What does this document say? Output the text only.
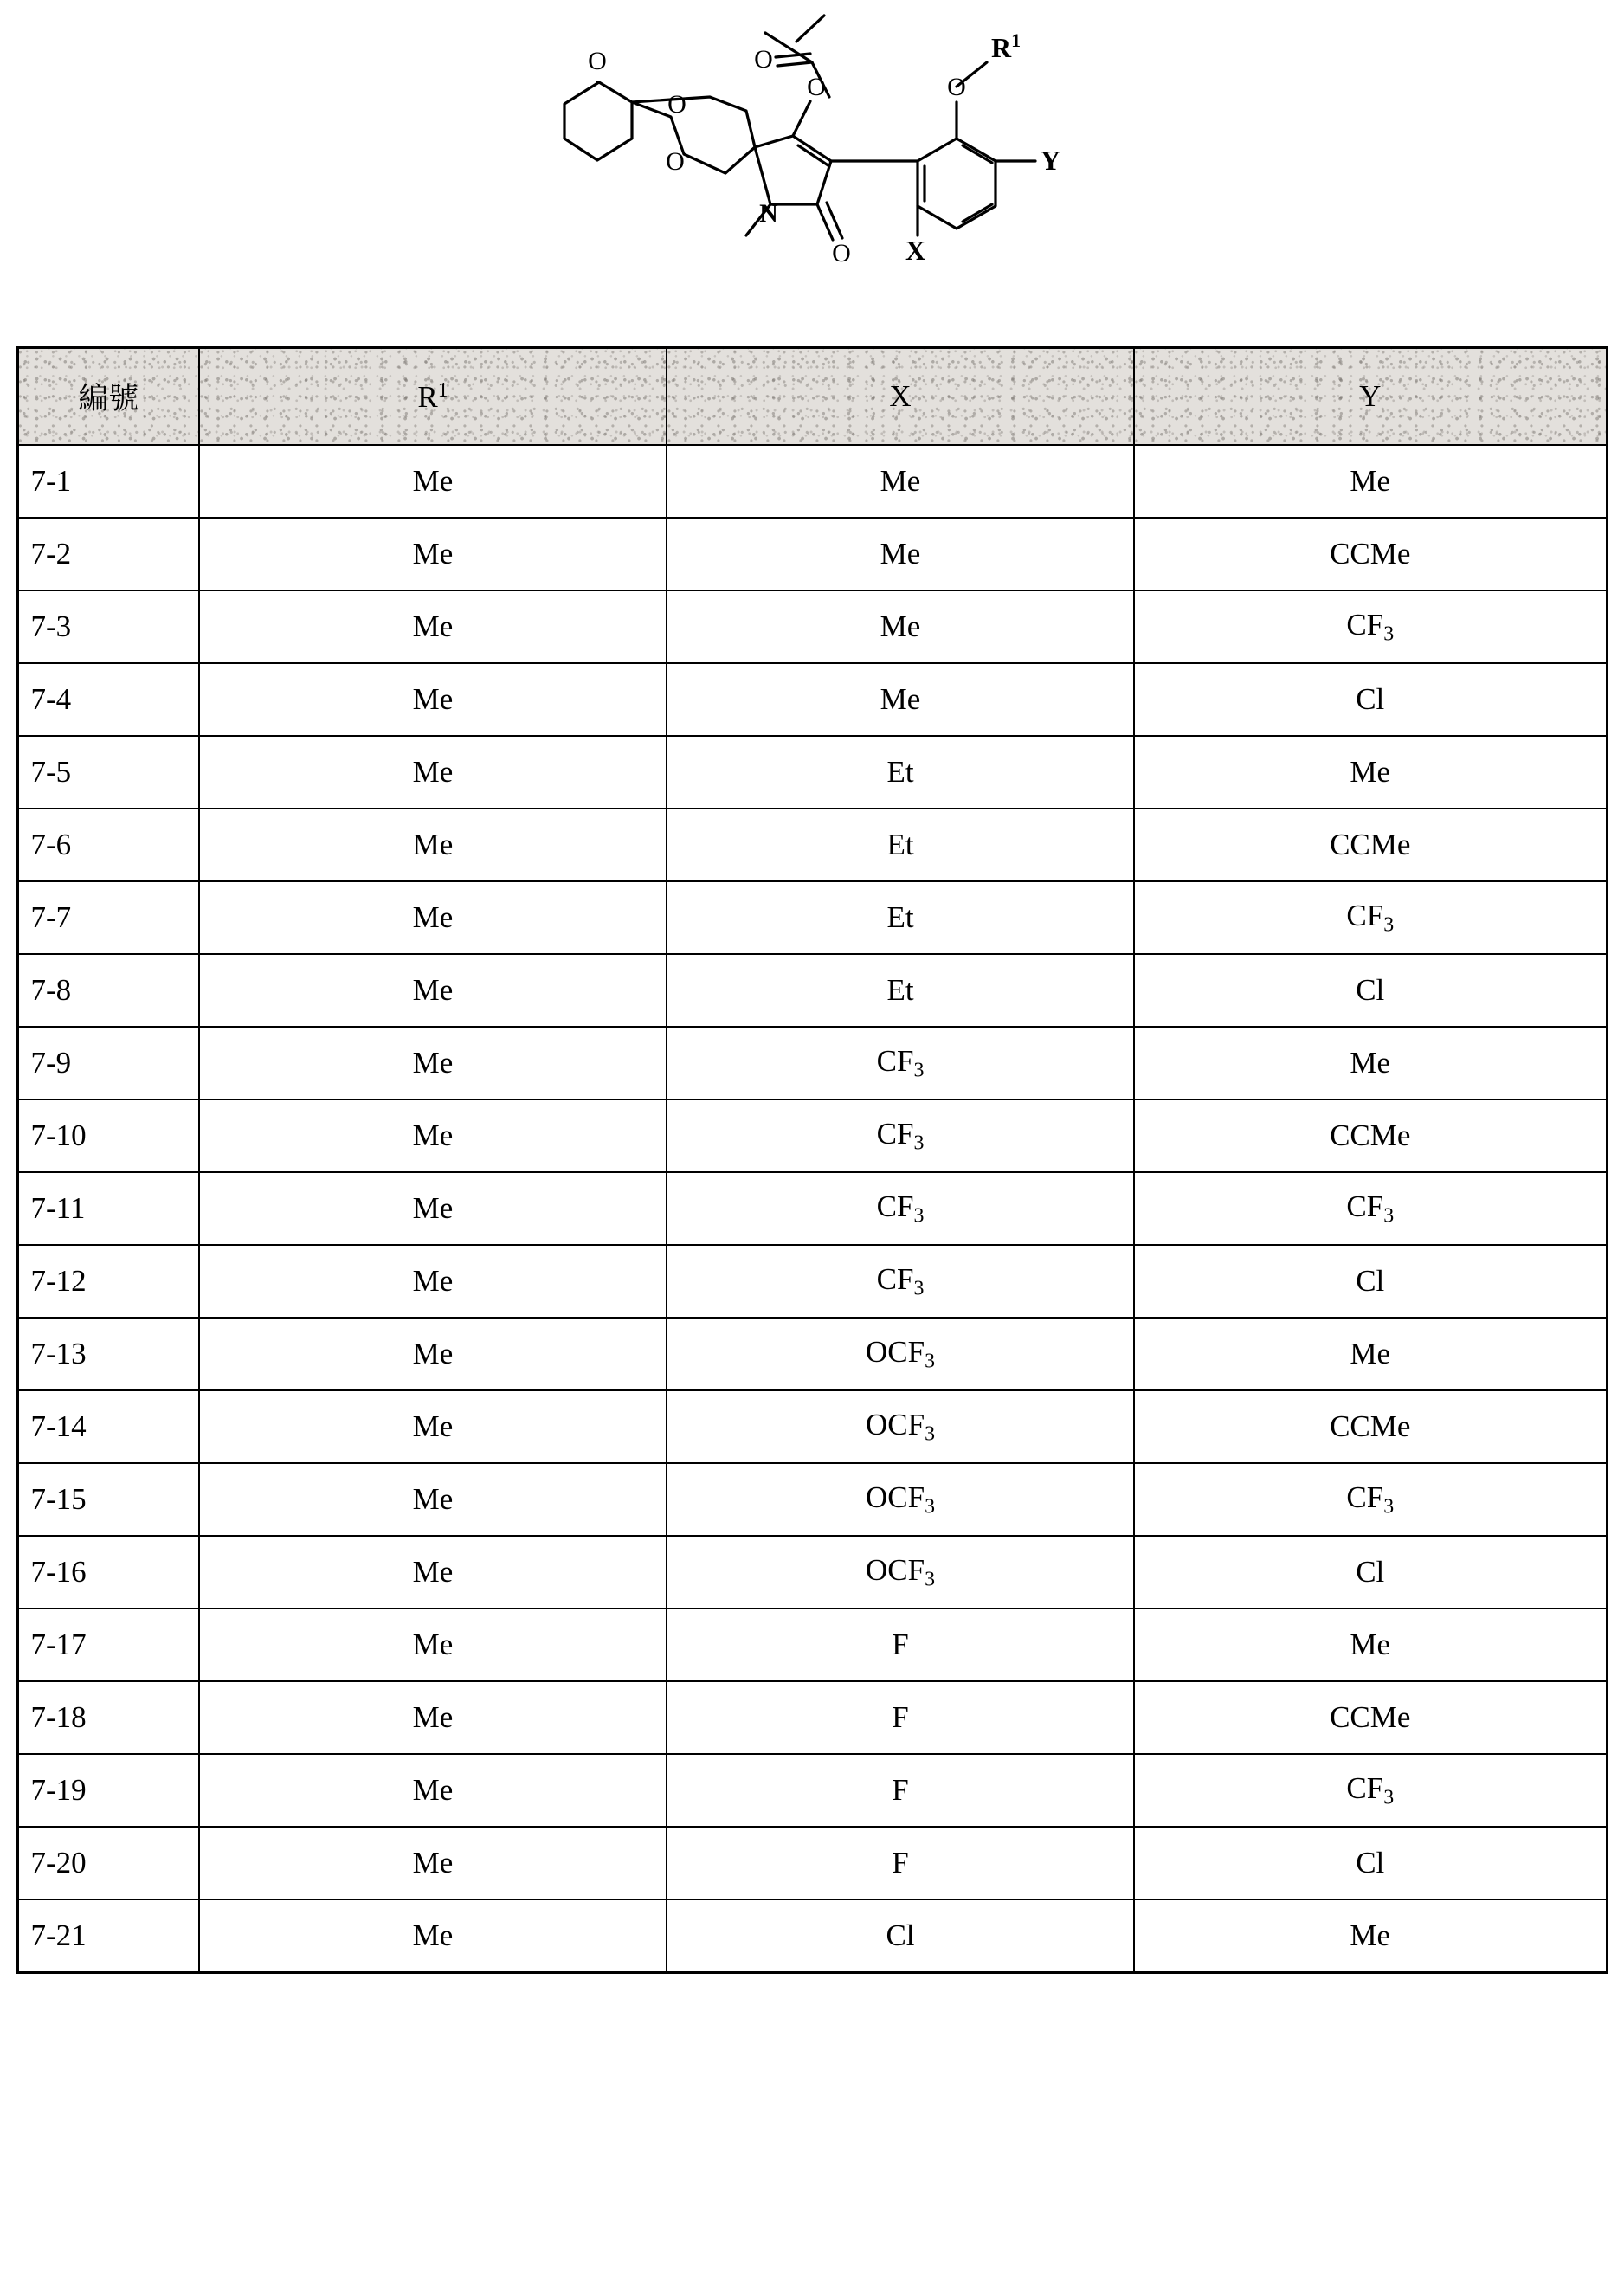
O
O
O
N
O
O
O
O
$R^1$
Y
X
編號	$R^1$	X	Y
7-1	Me	Me	Me
7-2	Me	Me	CCMe
7-3	Me	Me	$CF_3$
7-4	Me	Me	Cl
7-5	Me	Et	Me
7-6	Me	Et	CCMe
7-7	Me	Et	$CF_3$
7-8	Me	Et	Cl
7-9	Me	$CF_3$	Me
7-10	Me	$CF_3$	CCMe
7-11	Me	$CF_3$	$CF_3$
7-12	Me	$CF_3$	Cl
7-13	Me	$OCF_3$	Me
7-14	Me	$OCF_3$	CCMe
7-15	Me	$OCF_3$	$CF_3$
7-16	Me	$OCF_3$	Cl
7-17	Me	F	Me
7-18	Me	F	CCMe
7-19	Me	F	$CF_3$
7-20	Me	F	Cl
7-21	Me	Cl	Me
